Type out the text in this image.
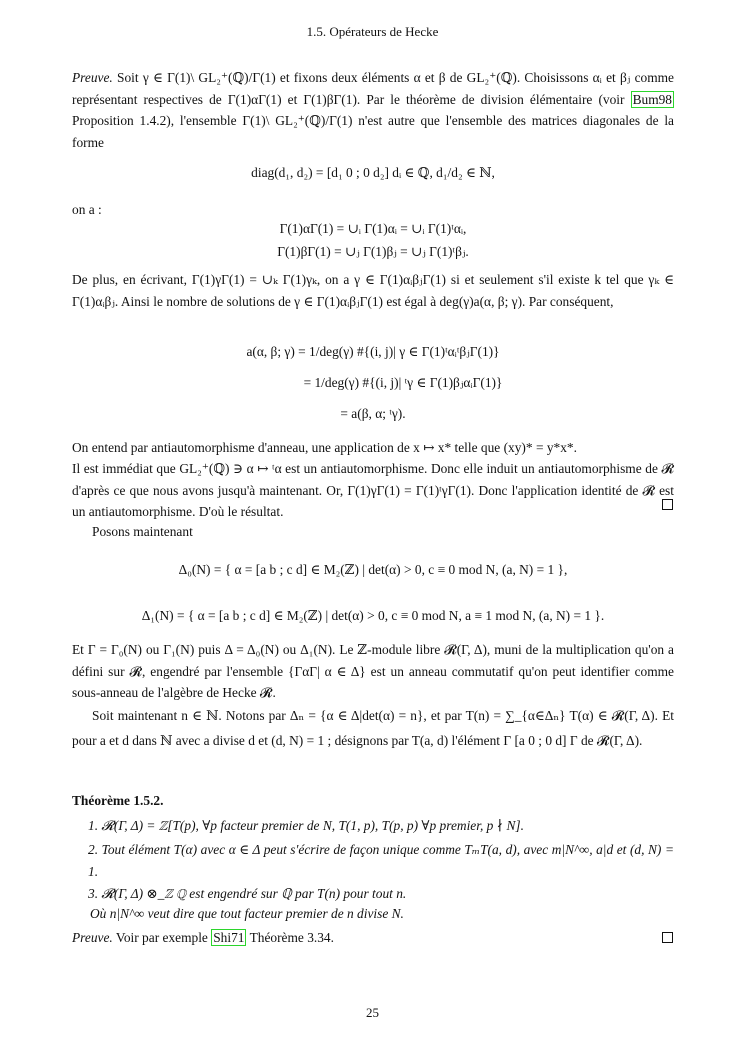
1.5. Opérateurs de Hecke
Preuve. Soit γ ∈ Γ(1)\ GL₂⁺(ℚ)/Γ(1) et fixons deux éléments α et β de GL₂⁺(ℚ). Choisissons αᵢ et βⱼ comme représentant respectives de Γ(1)αΓ(1) et Γ(1)βΓ(1). Par le théorème de division élémentaire (voir Bum98 Proposition 1.4.2), l'ensemble Γ(1)\ GL₂⁺(ℚ)/Γ(1) n'est autre que l'ensemble des matrices diagonales de la forme
diag(d₁, d₂) = [d₁ 0 ; 0 d₂] dᵢ ∈ ℚ, d₁/d₂ ∈ ℕ,
on a :
Γ(1)αΓ(1) = ∪ᵢ Γ(1)αᵢ = ∪ᵢ Γ(1)ᵗαᵢ,
Γ(1)βΓ(1) = ∪ⱼ Γ(1)βⱼ = ∪ⱼ Γ(1)ᵗβⱼ.
De plus, en écrivant, Γ(1)γΓ(1) = ∪ₖ Γ(1)γₖ, on a γ ∈ Γ(1)αᵢβⱼΓ(1) si et seulement s'il existe k tel que γₖ ∈ Γ(1)αᵢβⱼ. Ainsi le nombre de solutions de γ ∈ Γ(1)αᵢβⱼΓ(1) est égal à deg(γ)a(α, β; γ). Par conséquent,
a(α, β; γ) = 1/deg(γ) #{(i, j)| γ ∈ Γ(1)ᵗαᵢᵗβⱼΓ(1)}
= 1/deg(γ) #{(i, j)| ᵗγ ∈ Γ(1)βⱼαᵢΓ(1)}
= a(β, α; ᵗγ).
On entend par antiautomorphisme d'anneau, une application de x ↦ x* telle que (xy)* = y*x*.
Il est immédiat que GL₂⁺(ℚ) ∋ α ↦ ᵗα est un antiautomorphisme. Donc elle induit un antiautomorphisme de 𝓡 d'après ce que nous avons jusqu'à maintenant. Or, Γ(1)γΓ(1) = Γ(1)ᵗγΓ(1). Donc l'application identité de 𝓡 est un antiautomorphisme. D'où le résultat.
Posons maintenant
Δ₀(N) = { α = [a b ; c d] ∈ M₂(ℤ) | det(α) > 0, c ≡ 0 mod N, (a, N) = 1 },
Δ₁(N) = { α = [a b ; c d] ∈ M₂(ℤ) | det(α) > 0, c ≡ 0 mod N, a ≡ 1 mod N, (a, N) = 1 }.
Et Γ = Γ₀(N) ou Γ₁(N) puis Δ = Δ₀(N) ou Δ₁(N). Le ℤ-module libre 𝓡(Γ, Δ), muni de la multiplication qu'on a défini sur 𝓡, engendré par l'ensemble {ΓαΓ| α ∈ Δ} est un anneau commutatif qu'on peut identifier comme sous-anneau de l'algèbre de Hecke 𝓡.
Soit maintenant n ∈ ℕ. Notons par Δₙ = {α ∈ Δ|det(α) = n}, et par T(n) = ∑_{α∈Δₙ} T(α) ∈ 𝓡(Γ, Δ). Et pour a et d dans ℕ avec a divise d et (d, N) = 1 ; désignons par T(a, d) l'élément Γ [a 0 ; 0 d] Γ de 𝓡(Γ, Δ).
Théorème 1.5.2.
1. 𝓡(Γ, Δ) = ℤ[T(p), ∀p facteur premier de N, T(1, p), T(p, p) ∀p premier, p ∤ N].
2. Tout élément T(α) avec α ∈ Δ peut s'écrire de façon unique comme TₘT(a, d), avec m|N^∞, a|d et (d, N) = 1.
3. 𝓡(Γ, Δ) ⊗_ℤ ℚ est engendré sur ℚ par T(n) pour tout n.
Où n|N^∞ veut dire que tout facteur premier de n divise N.
Preuve. Voir par exemple Shi71 Théorème 3.34.
25
